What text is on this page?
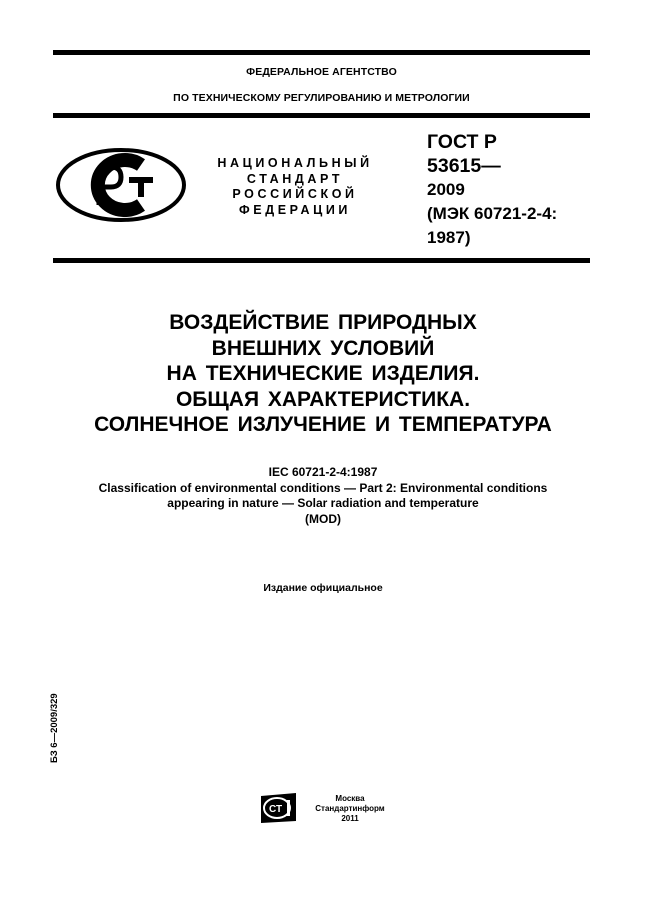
ФЕДЕРАЛЬНОЕ АГЕНТСТВО
ПО ТЕХНИЧЕСКОМУ РЕГУЛИРОВАНИЮ И МЕТРОЛОГИИ
НАЦИОНАЛЬНЫЙ
СТАНДАРТ
РОССИЙСКОЙ
ФЕДЕРАЦИИ
ГОСТ Р
53615—
2009
(МЭК 60721-2-4:
1987)
ВОЗДЕЙСТВИЕ ПРИРОДНЫХ
ВНЕШНИХ УСЛОВИЙ
НА ТЕХНИЧЕСКИЕ ИЗДЕЛИЯ.
ОБЩАЯ ХАРАКТЕРИСТИКА.
СОЛНЕЧНОЕ ИЗЛУЧЕНИЕ И ТЕМПЕРАТУРА
IEC 60721-2-4:1987
Classification of environmental conditions — Part 2: Environmental conditions
appearing in nature — Solar radiation and temperature
(MOD)
Издание официальное
БЗ 6—2009/329
СТ
Москва
Стандартинформ
2011
